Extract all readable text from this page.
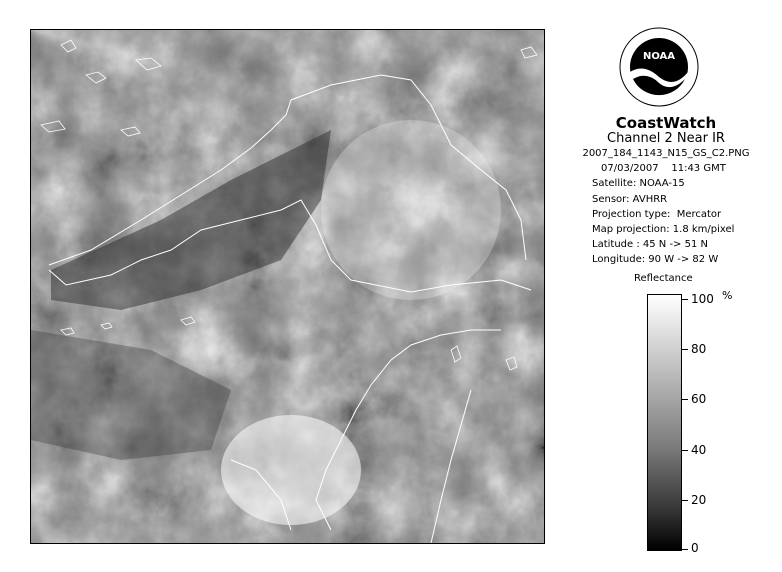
NOAA
CoastWatch
Channel 2 Near IR
2007_184_1143_N15_GS_C2.PNG
07/03/2007    11:43 GMT
Satellite: NOAA-15
Sensor: AVHRR
Projection type:  Mercator
Map projection: 1.8 km/pixel
Latitude : 45 N -> 51 N
Longitude: 90 W -> 82 W
Reflectance
%
100
80
60
40
20
0
